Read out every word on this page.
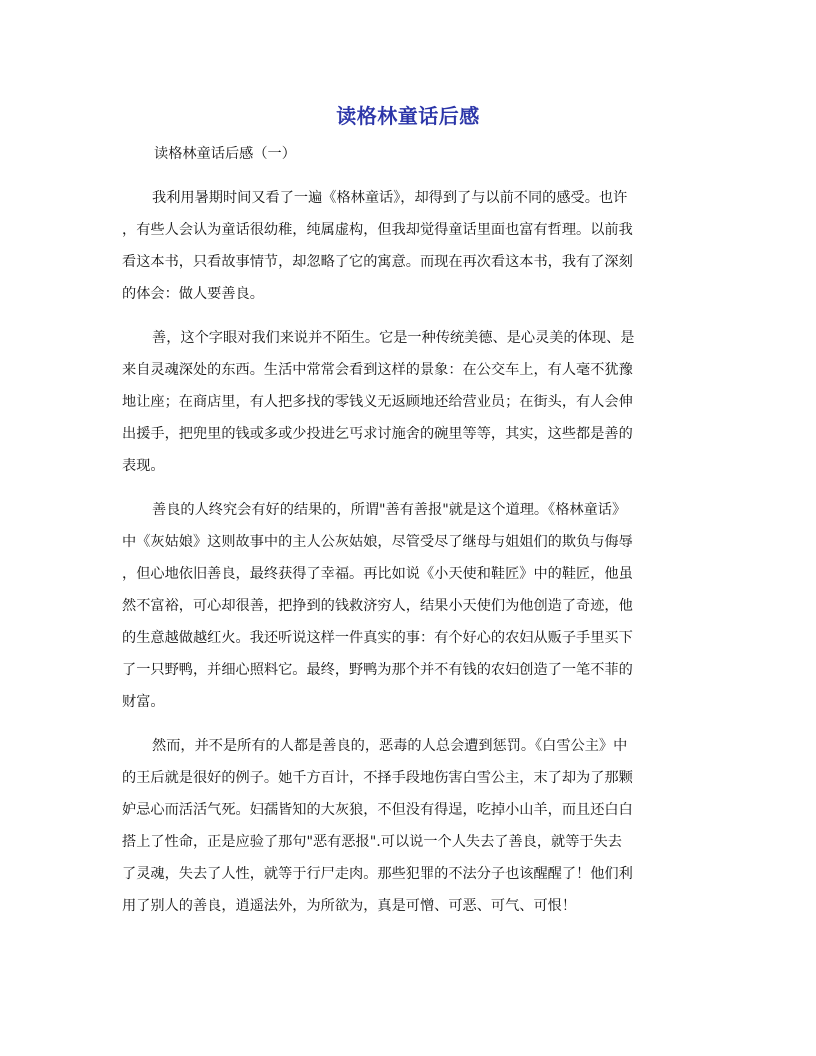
读格林童话后感
读格林童话后感（一）
我利用暑期时间又看了一遍《格林童话》，却得到了与以前不同的感受。也许
，有些人会认为童话很幼稚，纯属虚构，但我却觉得童话里面也富有哲理。以前我
看这本书，只看故事情节，却忽略了它的寓意。而现在再次看这本书，我有了深刻
的体会：做人要善良。
善，这个字眼对我们来说并不陌生。它是一种传统美德、是心灵美的体现、是
来自灵魂深处的东西。生活中常常会看到这样的景象：在公交车上，有人毫不犹豫
地让座；在商店里，有人把多找的零钱义无返顾地还给营业员；在街头，有人会伸
出援手，把兜里的钱或多或少投进乞丐求讨施舍的碗里等等，其实，这些都是善的
表现。
善良的人终究会有好的结果的，所谓"善有善报"就是这个道理。《格林童话》
中《灰姑娘》这则故事中的主人公灰姑娘，尽管受尽了继母与姐姐们的欺负与侮辱
，但心地依旧善良，最终获得了幸福。再比如说《小天使和鞋匠》中的鞋匠，他虽
然不富裕，可心却很善，把挣到的钱救济穷人，结果小天使们为他创造了奇迹，他
的生意越做越红火。我还听说这样一件真实的事：有个好心的农妇从贩子手里买下
了一只野鸭，并细心照料它。最终，野鸭为那个并不有钱的农妇创造了一笔不菲的
财富。
然而，并不是所有的人都是善良的，恶毒的人总会遭到惩罚。《白雪公主》中
的王后就是很好的例子。她千方百计，不择手段地伤害白雪公主，末了却为了那颗
妒忌心而活活气死。妇孺皆知的大灰狼，不但没有得逞，吃掉小山羊，而且还白白
搭上了性命，正是应验了那句"恶有恶报".可以说一个人失去了善良，就等于失去
了灵魂，失去了人性，就等于行尸走肉。那些犯罪的不法分子也该醒醒了！他们利
用了别人的善良，逍遥法外，为所欲为，真是可憎、可恶、可气、可恨！
